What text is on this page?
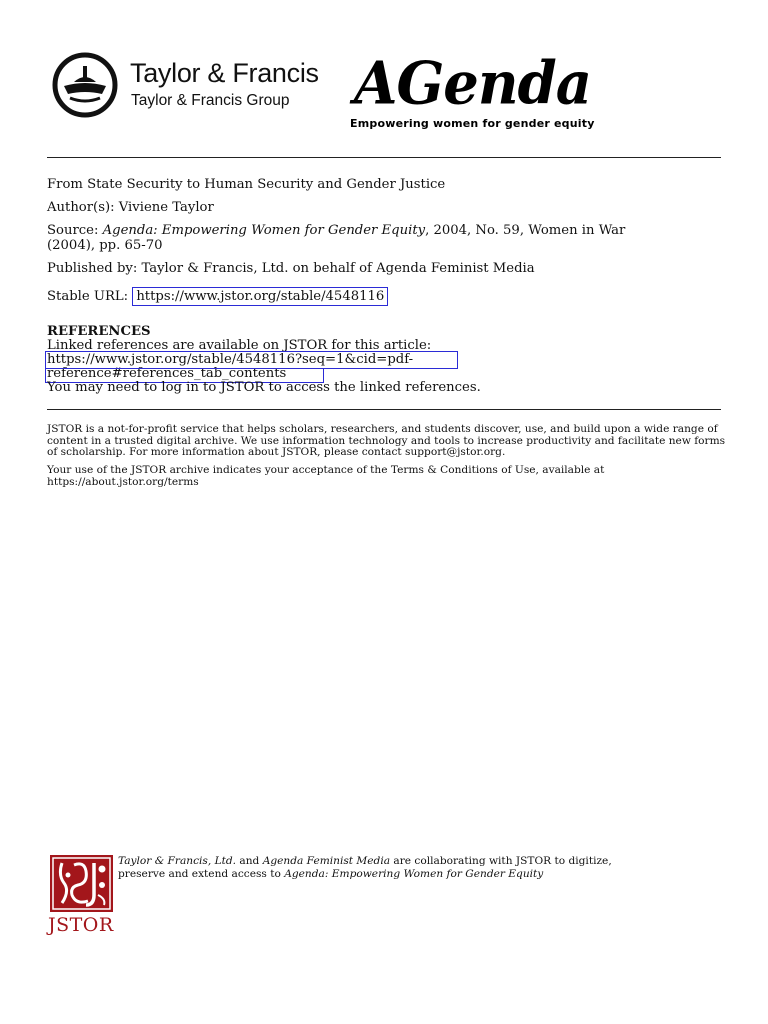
Taylor & Francis
Taylor & Francis Group AGenda
Empowering women for gender equity
From State Security to Human Security and Gender Justice
Author(s): Viviene Taylor
Source: Agenda: Empowering Women for Gender Equity, 2004, No. 59, Women in War
(2004), pp. 65-70
Published by: Taylor & Francis, Ltd. on behalf of Agenda Feminist Media
Stable URL: https://www.jstor.org/stable/4548116
REFERENCES
Linked references are available on JSTOR for this article:
https://www.jstor.org/stable/4548116?seq=1&cid=pdf-
reference#references_tab_contents
You may need to log in to JSTOR to access the linked references.
JSTOR is a not-for-profit service that helps scholars, researchers, and students discover, use, and build upon a wide range of content in a trusted digital archive. We use information technology and tools to increase productivity and facilitate new forms of scholarship. For more information about JSTOR, please contact support@jstor.org.
Your use of the JSTOR archive indicates your acceptance of the Terms & Conditions of Use, available at
https://about.jstor.org/terms
JSTOR
Taylor & Francis, Ltd. and Agenda Feminist Media are collaborating with JSTOR to digitize,
preserve and extend access to Agenda: Empowering Women for Gender Equity
